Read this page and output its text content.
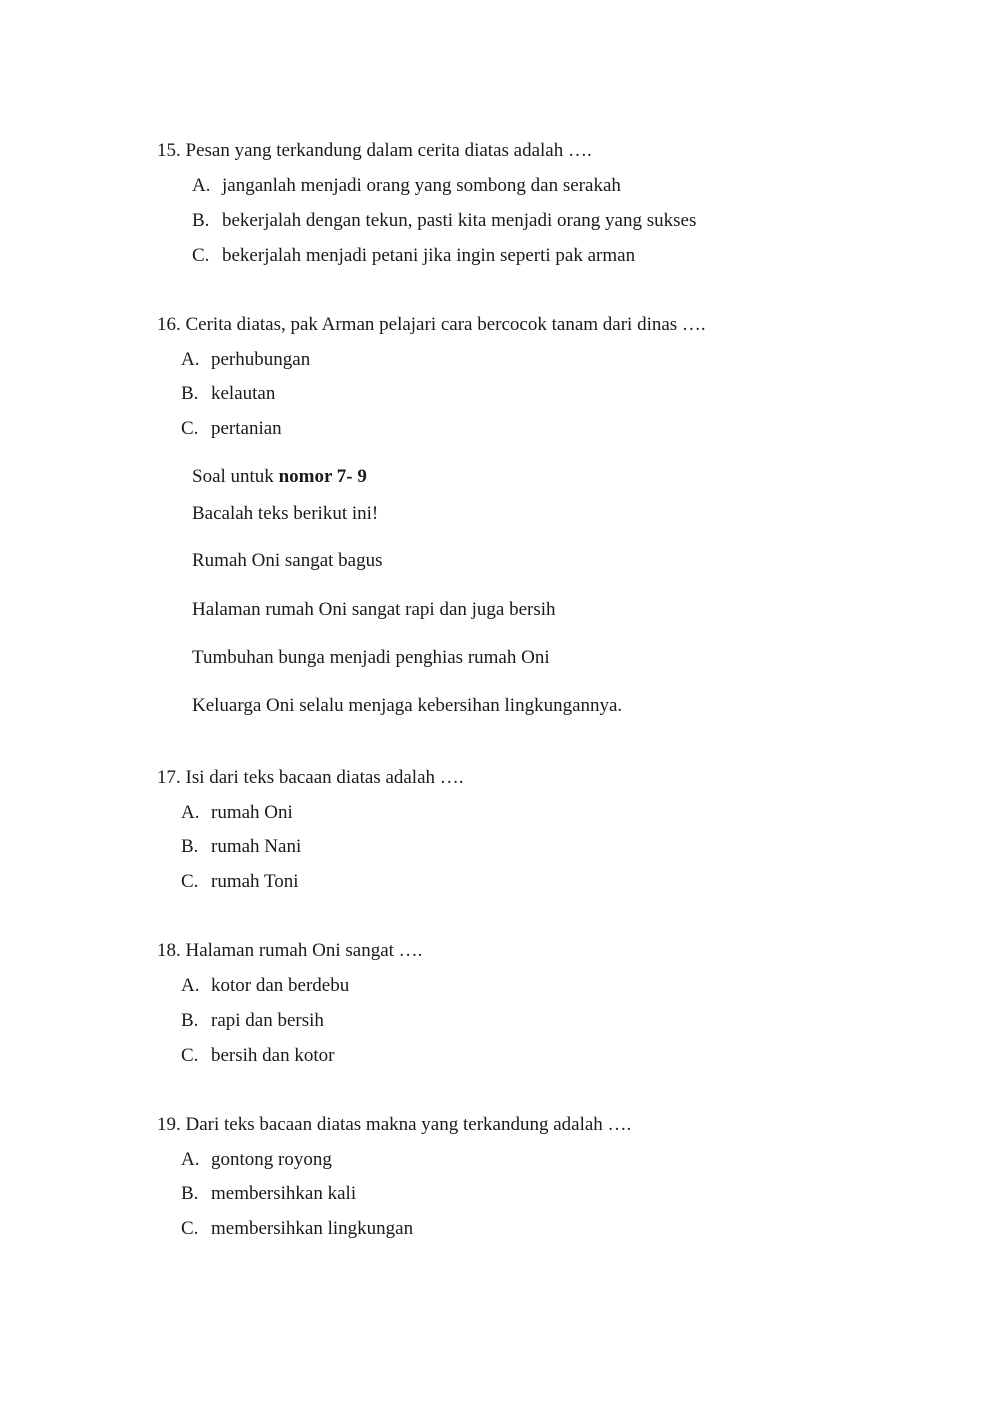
15. Pesan yang terkandung dalam cerita diatas adalah ….
A. janganlah menjadi orang yang sombong dan serakah
B. bekerjalah dengan tekun, pasti kita menjadi orang yang sukses
C. bekerjalah menjadi petani jika ingin seperti pak arman
16. Cerita diatas, pak Arman pelajari cara bercocok tanam dari dinas ….
A. perhubungan
B. kelautan
C. pertanian
Soal untuk nomor 7- 9
Bacalah teks berikut ini!
Rumah Oni sangat bagus
Halaman rumah Oni sangat rapi dan juga bersih
Tumbuhan bunga menjadi penghias rumah Oni
Keluarga Oni selalu menjaga kebersihan lingkungannya.
17. Isi dari teks bacaan diatas adalah ….
A. rumah Oni
B. rumah Nani
C. rumah Toni
18. Halaman rumah Oni sangat ….
A. kotor dan berdebu
B. rapi dan bersih
C. bersih dan kotor
19. Dari teks bacaan diatas makna yang terkandung adalah ….
A. gontong royong
B. membersihkan kali
C. membersihkan lingkungan
